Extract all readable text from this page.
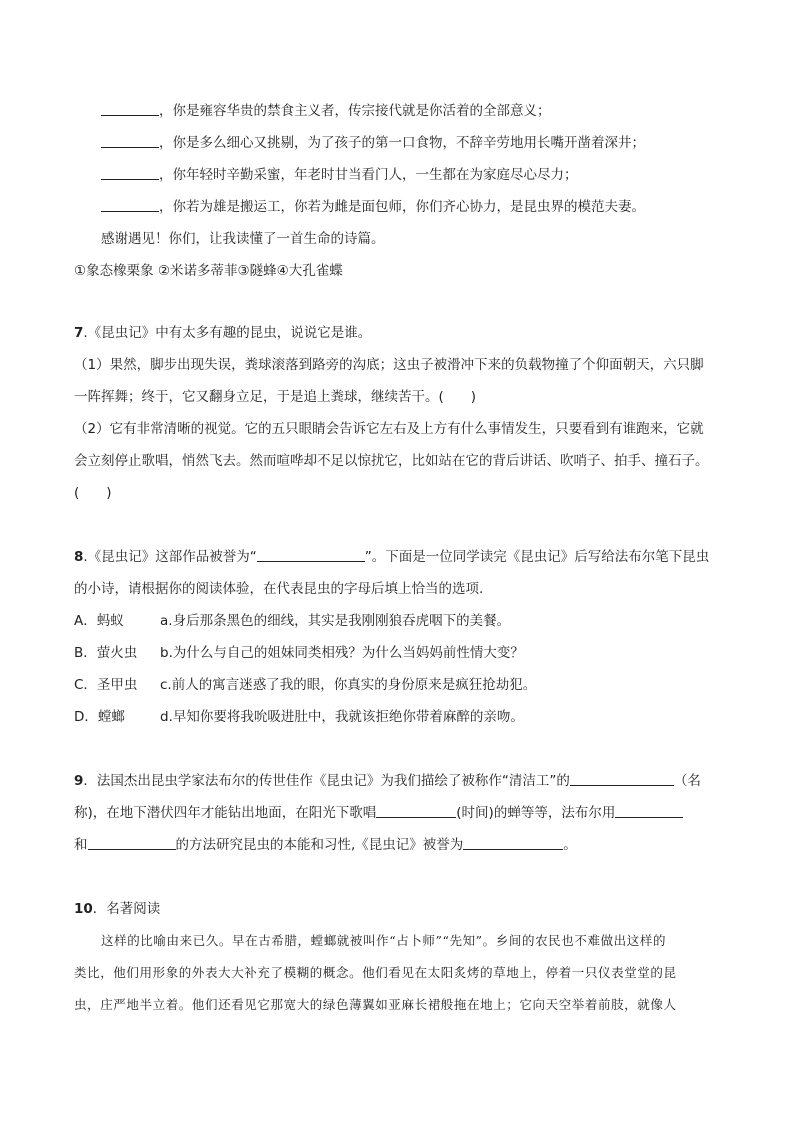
，你是雍容华贵的禁食主义者，传宗接代就是你活着的全部意义；
，你是多么细心又挑剔，为了孩子的第一口食物，不辞辛劳地用长嘴开凿着深井；
，你年轻时辛勤采蜜，年老时甘当看门人，一生都在为家庭尽心尽力；
，你若为雄是搬运工，你若为雌是面包师，你们齐心协力，是昆虫界的模范夫妻。
感谢遇见！你们，让我读懂了一首生命的诗篇。
①象态橡栗象 ②米诺多蒂菲③隧蜂④大孔雀蝶
7.《昆虫记》中有太多有趣的昆虫，说说它是谁。
（1）果然，脚步出现失误，粪球滚落到路旁的沟底；这虫子被滑冲下来的负载物撞了个仰面朝天，六只脚
一阵挥舞；终于，它又翻身立足，于是追上粪球，继续苦干。(　　)
（2）它有非常清晰的视觉。它的五只眼睛会告诉它左右及上方有什么事情发生，只要看到有谁跑来，它就
会立刻停止歌唱，悄然飞去。然而喧哗却不足以惊扰它，比如站在它的背后讲话、吹哨子、拍手、撞石子。
(　　)
8.《昆虫记》这部作品被誉为“	”。下面是一位同学读完《昆虫记》后写给法布尔笔下昆虫
的小诗，请根据你的阅读体验，在代表昆虫的字母后填上恰当的选项.
A．蚂蚁	a.身后那条黑色的细线，其实是我刚刚狼吞虎咽下的美餐。
B．萤火虫 b.为什么与自己的姐妹同类相残？为什么当妈妈前性情大变？
C．圣甲虫 c.前人的寓言迷惑了我的眼，你真实的身份原来是疯狂抢劫犯。
D．螳螂	d.早知你要将我吮吸进肚中，我就该拒绝你带着麻醉的亲吻。
9．法国杰出昆虫学家法布尔的传世佳作《昆虫记》为我们描绘了被称作“清洁工”的	（名
称)，在地下潜伏四年才能钻出地面，在阳光下歌唱	(时间)的蝉等等，法布尔用
和	的方法研究昆虫的本能和习性,《昆虫记》被誉为	。
10．名著阅读
这样的比喻由来已久。早在古希腊，螳螂就被叫作“占卜师”“先知”。乡间的农民也不难做出这样的
类比，他们用形象的外表大大补充了模糊的概念。他们看见在太阳炙烤的草地上，停着一只仪表堂堂的昆
虫，庄严地半立着。他们还看见它那宽大的绿色薄翼如亚麻长裙般拖在地上；它向天空举着前肢，就像人
